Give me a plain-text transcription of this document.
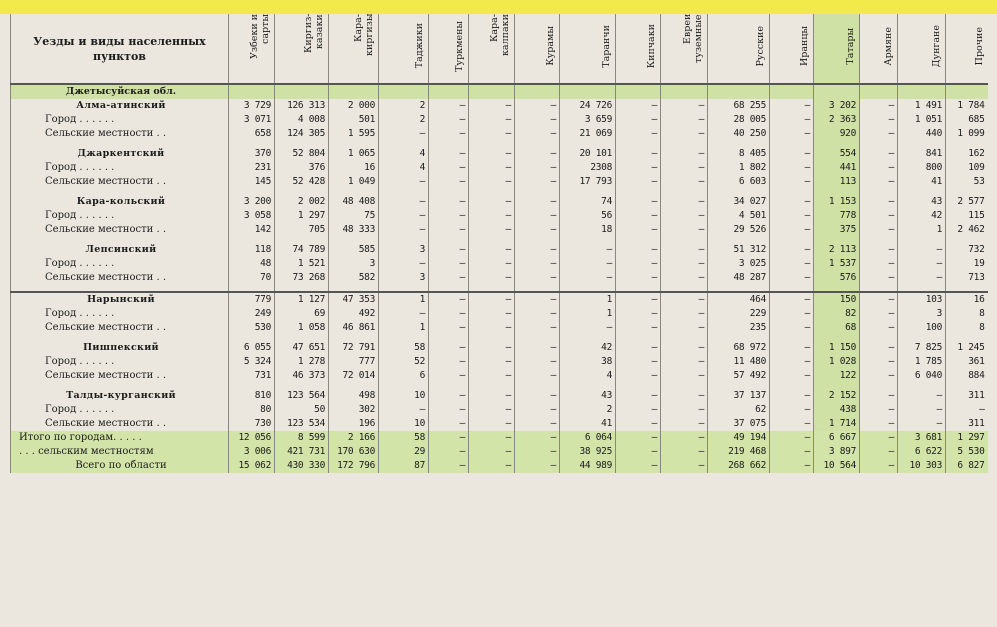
Уезды и виды населенных пунктов	Узбеки и сарты	Киргиз-казаки	Кара-киргизы	Таджики	Туркмены	Кара-калпаки	Курамы	Таранчи	Кипчаки	Евреи туземные	Русские	Иранцы	Татары	Армяне	Дунгане	Прочие
Джетысуйская обл.																
Алма-атинский	3 729	126 313	2 000	2	—	—	—	24 726	—	—	68 255	—	3 202	—	1 491	1 784
Город . . . . . .	3 071	4 008	501	2	—	—	—	3 659	—	—	28 005	—	2 363	—	1 051	685
Сельские местности . .	658	124 305	1 595	—	—	—	—	21 069	—	—	40 250	—	920	—	440	1 099

Джаркентский	370	52 804	1 065	4	—	—	—	20 101	—	—	8 405	—	554	—	841	162
Город . . . . . .	231	376	16	4	—	—	—	2308	—	—	1 802	—	441	—	800	109
Сельские местности . .	145	52 428	1 049	—	—	—	—	17 793	—	—	6 603	—	113	—	41	53

Кара-кольский	3 200	2 002	48 408	—	—	—	—	74	—	—	34 027	—	1 153	—	43	2 577
Город . . . . . .	3 058	1 297	75	—	—	—	—	56	—	—	4 501	—	778	—	42	115
Сельские местности . .	142	705	48 333	—	—	—	—	18	—	—	29 526	—	375	—	1	2 462

Лепсинский	118	74 789	585	3	—	—	—	—	—	—	51 312	—	2 113	—	—	732
Город . . . . . .	48	1 521	3	—	—	—	—	—	—	—	3 025	—	1 537	—	—	19
Сельские местности . .	70	73 268	582	3	—	—	—	—	—	—	48 287	—	576	—	—	713

Нарынский	779	1 127	47 353	1	—	—	—	1	—	—	464	—	150	—	103	16
Город . . . . . .	249	69	492	—	—	—	—	1	—	—	229	—	82	—	3	8
Сельские местности . .	530	1 058	46 861	1	—	—	—	—	—	—	235	—	68	—	100	8

Пишпекский	6 055	47 651	72 791	58	—	—	—	42	—	—	68 972	—	1 150	—	7 825	1 245
Город . . . . . .	5 324	1 278	777	52	—	—	—	38	—	—	11 480	—	1 028	—	1 785	361
Сельские местности . .	731	46 373	72 014	6	—	—	—	4	—	—	57 492	—	122	—	6 040	884

Талды-курганский	810	123 564	498	10	—	—	—	43	—	—	37 137	—	2 152	—	—	311
Город . . . . . .	80	50	302	—	—	—	—	2	—	—	62	—	438	—	—	—
Сельские местности . .	730	123 534	196	10	—	—	—	41	—	—	37 075	—	1 714	—	—	311
Итого по городам. . . . .	12 056	8 599	2 166	58	—	—	—	6 064	—	—	49 194	—	6 667	—	3 681	1 297
. . . сельским местностям	3 006	421 731	170 630	29	—	—	—	38 925	—	—	219 468	—	3 897	—	6 622	5 530
Всего по области	15 062	430 330	172 796	87	—	—	—	44 989	—	—	268 662	—	10 564	—	10 303	6 827
